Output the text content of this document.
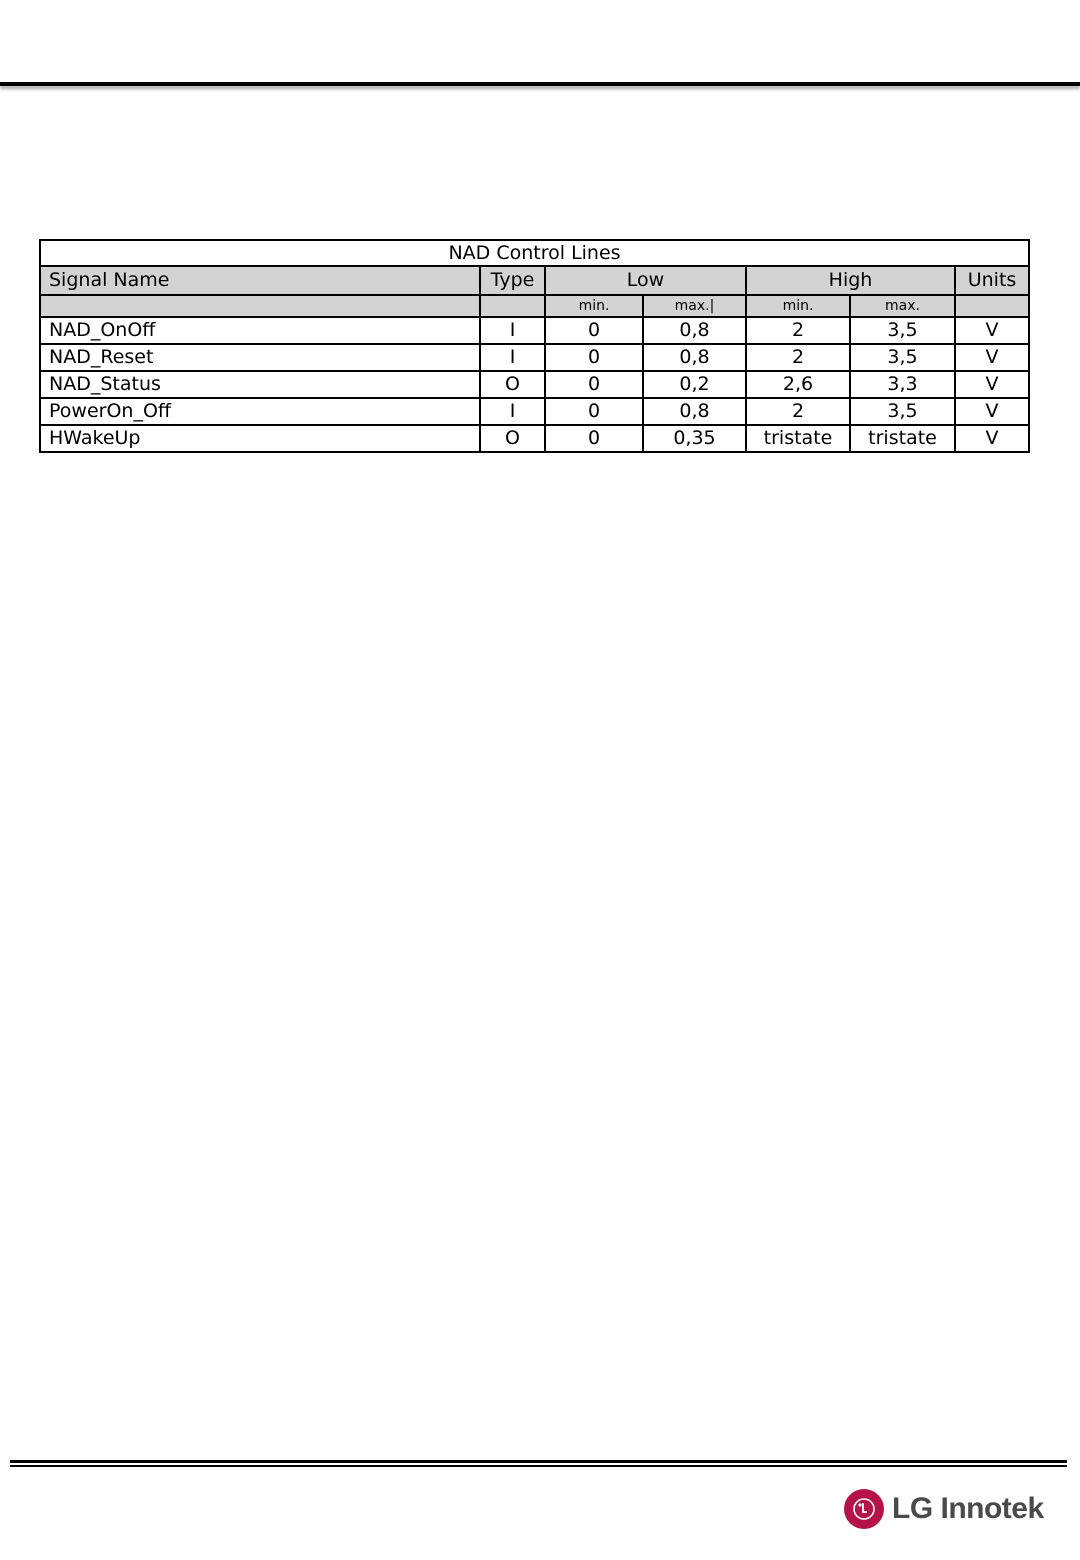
NAD Control Lines						
Signal Name	Type	Low		High		Units
		min.	max.|	min.	max.	
NAD_OnOff	I	0	0,8	2	3,5	V
NAD_Reset	I	0	0,8	2	3,5	V
NAD_Status	O	0	0,2	2,6	3,3	V
PowerOn_Off	I	0	0,8	2	3,5	V
HWakeUp	O	0	0,35	tristate	tristate	V
LG Innotek
